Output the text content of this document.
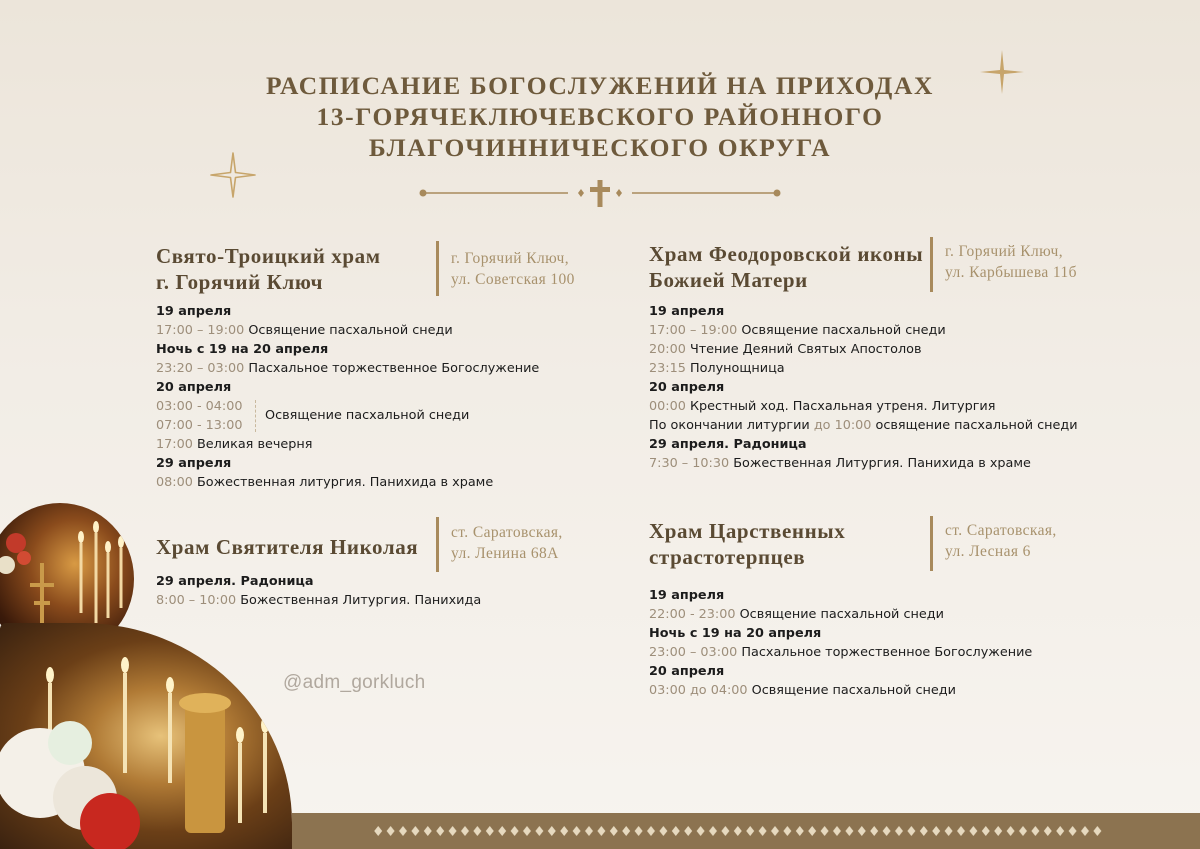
РАСПИСАНИЕ БОГОСЛУЖЕНИЙ НА ПРИХОДАХ
13-ГОРЯЧЕКЛЮЧЕВСКОГО РАЙОННОГО
БЛАГОЧИННИЧЕСКОГО ОКРУГА
Свято-Троицкий храм
г. Горячий Ключ
г. Горячий Ключ,
ул. Советская 100
19 апреля
17:00 – 19:00 Освящение пасхальной снеди
Ночь с 19 на 20 апреля
23:20 – 03:00 Пасхальное торжественное Богослужение
20 апреля
03:00 - 04:00
07:00 - 13:00
Освящение пасхальной снеди
17:00 Великая вечерня
29 апреля
08:00 Божественная литургия. Панихида в храме
Храм Святителя Николая
ст. Саратовская,
ул. Ленина 68А
29 апреля. Радоница
8:00 – 10:00 Божественная Литургия. Панихида
Храм Феодоровской иконы
Божией Матери
г. Горячий Ключ,
ул. Карбышева 11б
19 апреля
17:00 – 19:00 Освящение пасхальной снеди
20:00 Чтение Деяний Святых Апостолов
23:15 Полунощница
20 апреля
00:00 Крестный ход. Пасхальная утреня. Литургия
По окончании литургии до 10:00 освящение пасхальной снеди
29 апреля. Радоница
7:30 – 10:30 Божественная Литургия. Панихида в храме
Храм Царственных
страстотерпцев
ст. Саратовская,
ул. Лесная 6
19 апреля
22:00 - 23:00 Освящение пасхальной снеди
Ночь с 19 на 20 апреля
23:00 – 03:00 Пасхальное торжественное Богослужение
20 апреля
03:00 до 04:00 Освящение пасхальной снеди
@adm_gorkluch
